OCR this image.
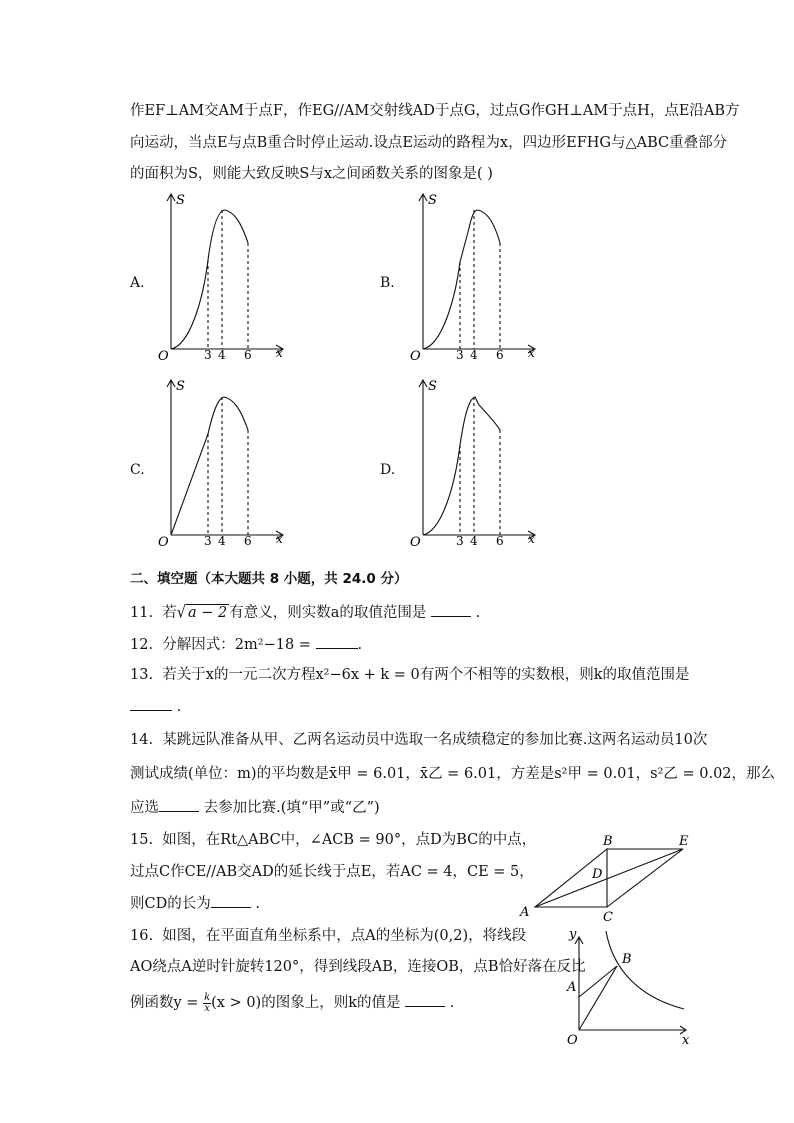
作EF⊥AM交AM于点F，作EG//AM交射线AD于点G，过点G作GH⊥AM于点H，点E沿AB方
向运动，当点E与点B重合时停止运动.设点E运动的路程为x，四边形EFHG与△ABC重叠部分
的面积为S，则能大致反映S与x之间函数关系的图象是( )
A.	B.
C.	D.
S
O	3 4 6 x
S
O	3 4 6 x
S
O	3 4 6 x
S
O	3 4 6 x
二、填空题（本大题共 8 小题，共 24.0 分）
11. 若√ a − 2 有意义，则实数a的取值范围是	.
12. 分解因式：2m²−18 =	.
13. 若关于x的一元二次方程x²−6x + k = 0有两个不相等的实数根，则k的取值范围是
.
14. 某跳远队准备从甲、乙两名运动员中选取一名成绩稳定的参加比赛.这两名运动员10次
测试成绩(单位：m)的平均数是x̄甲 = 6.01，x̄乙 = 6.01，方差是s²甲 = 0.01，s²乙 = 0.02，那么
应选	去参加比赛.(填“甲”或“乙”)
15. 如图，在Rt△ABC中，∠ACB = 90°，点D为BC的中点，
过点C作CE//AB交AD的延长线于点E，若AC = 4，CE = 5，
则CD的长为	.
A
B
C
D
E
16. 如图，在平面直角坐标系中，点A的坐标为(0,2)，将线段
AO绕点A逆时针旋转120°，得到线段AB，连接OB，点B恰好落在反比
例函数$y = \frac{k}{x} (x > 0)$的图象上，则k的值是	.
y
x
O
A
B
